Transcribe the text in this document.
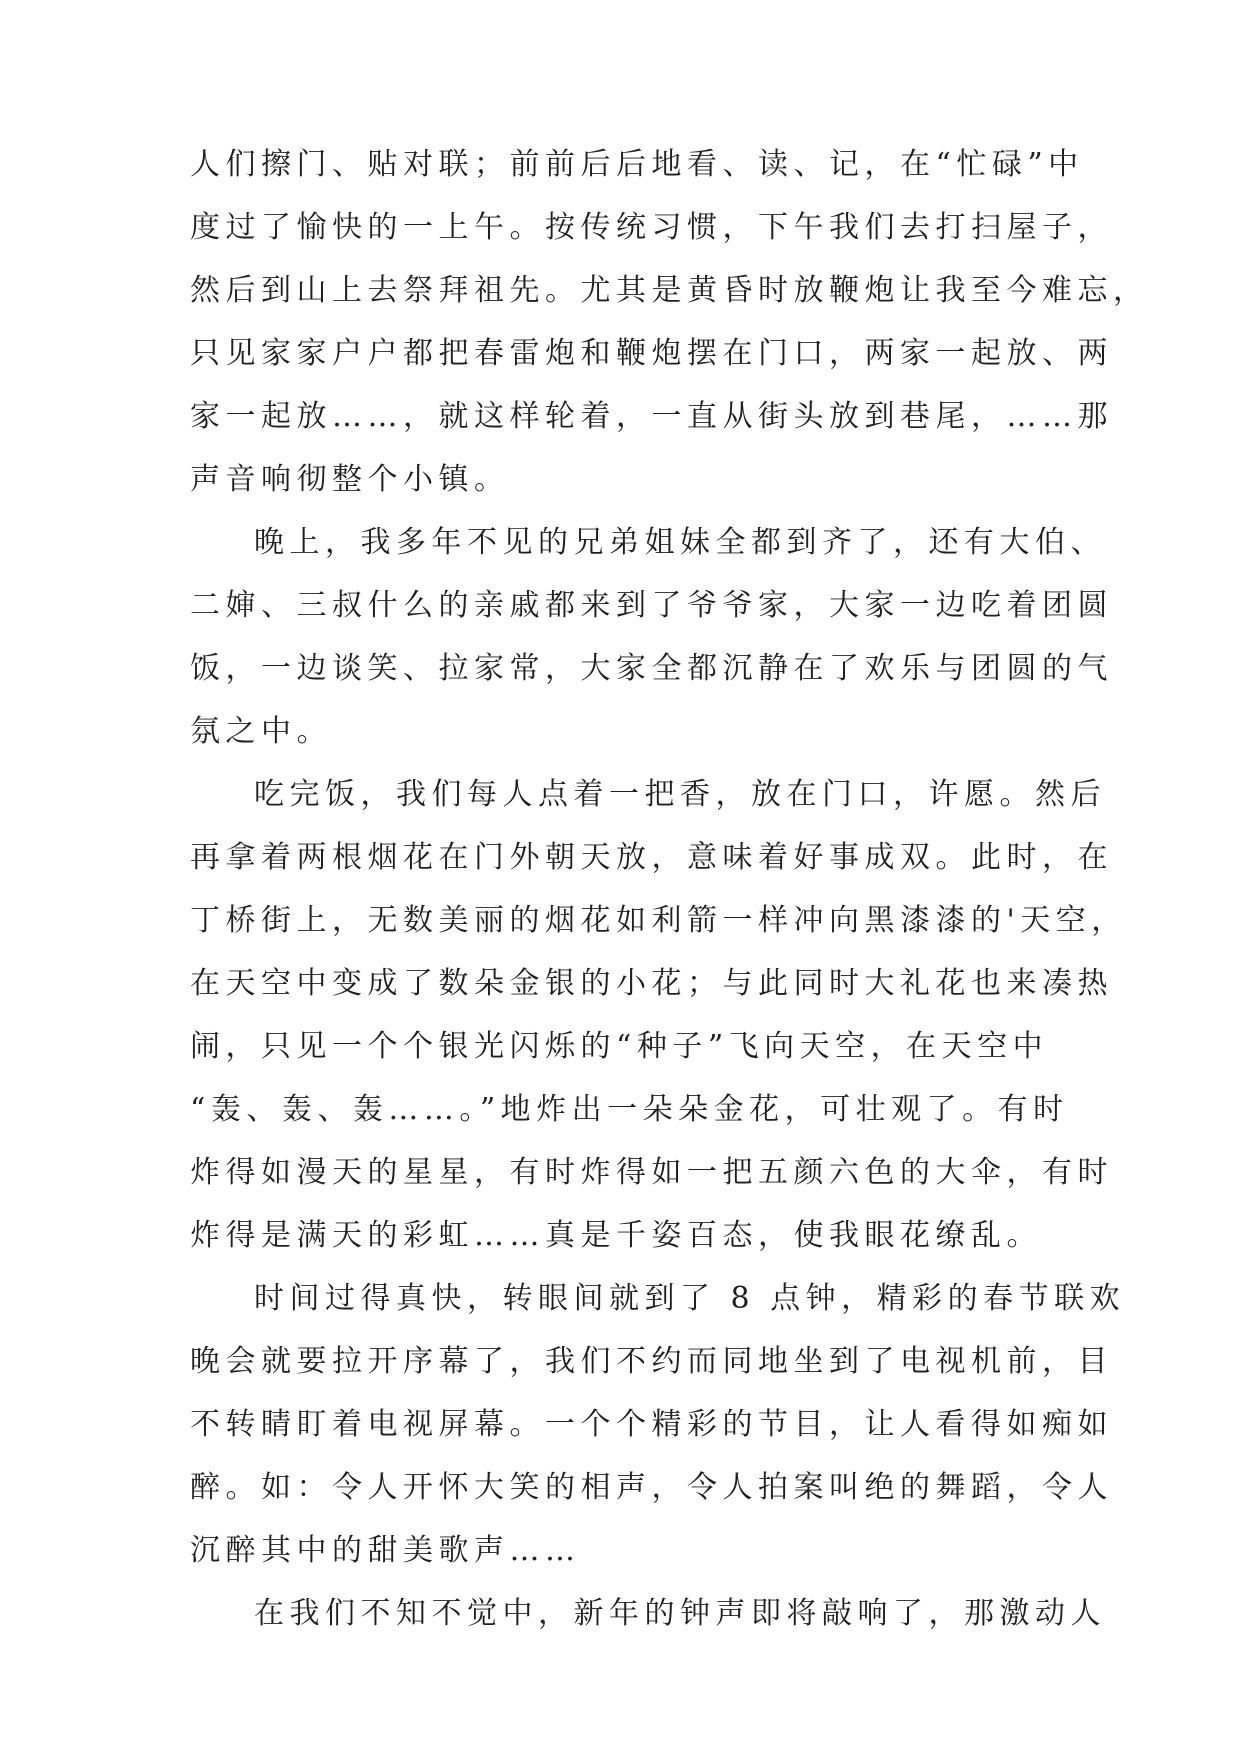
人们擦门、贴对联；前前后后地看、读、记，在“忙碌”中
度过了愉快的一上午。按传统习惯，下午我们去打扫屋子，
然后到山上去祭拜祖先。尤其是黄昏时放鞭炮让我至今难忘，
只见家家户户都把春雷炮和鞭炮摆在门口，两家一起放、两
家一起放……，就这样轮着，一直从街头放到巷尾，……那
声音响彻整个小镇。
晚上，我多年不见的兄弟姐妹全都到齐了，还有大伯、
二婶、三叔什么的亲戚都来到了爷爷家，大家一边吃着团圆
饭，一边谈笑、拉家常，大家全都沉静在了欢乐与团圆的气
氛之中。
吃完饭，我们每人点着一把香，放在门口，许愿。然后
再拿着两根烟花在门外朝天放，意味着好事成双。此时，在
丁桥街上，无数美丽的烟花如利箭一样冲向黑漆漆的'天空，
在天空中变成了数朵金银的小花；与此同时大礼花也来凑热
闹，只见一个个银光闪烁的“种子”飞向天空，在天空中
“轰、轰、轰……。”地炸出一朵朵金花，可壮观了。有时
炸得如漫天的星星，有时炸得如一把五颜六色的大伞，有时
炸得是满天的彩虹……真是千姿百态，使我眼花缭乱。
时间过得真快，转眼间就到了 8 点钟，精彩的春节联欢
晚会就要拉开序幕了，我们不约而同地坐到了电视机前，目
不转睛盯着电视屏幕。一个个精彩的节目，让人看得如痴如
醉。如：令人开怀大笑的相声，令人拍案叫绝的舞蹈，令人
沉醉其中的甜美歌声……
在我们不知不觉中，新年的钟声即将敲响了，那激动人
